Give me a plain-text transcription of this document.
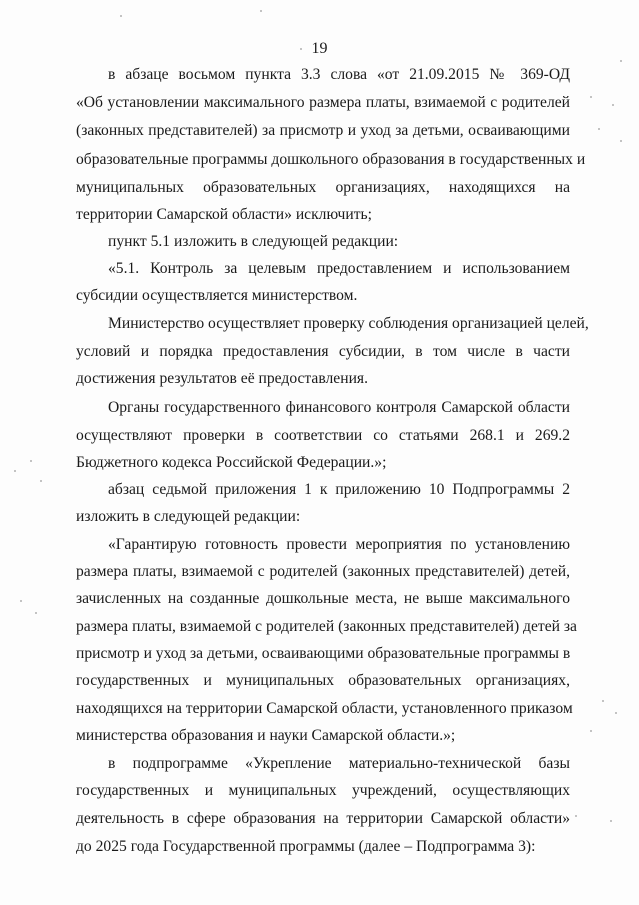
19
в абзаце восьмом пункта 3.3 слова «от 21.09.2015 № 369-ОД
«Об установлении максимального размера платы, взимаемой с родителей
(законных представителей) за присмотр и уход за детьми, осваивающими
образовательные программы дошкольного образования в государственных и
муниципальных образовательных организациях, находящихся на
территории Самарской области» исключить;
пункт 5.1 изложить в следующей редакции:
«5.1. Контроль за целевым предоставлением и использованием
субсидии осуществляется министерством.
Министерство осуществляет проверку соблюдения организацией целей,
условий и порядка предоставления субсидии, в том числе в части
достижения результатов её предоставления.
Органы государственного финансового контроля Самарской области
осуществляют проверки в соответствии со статьями 268.1 и 269.2
Бюджетного кодекса Российской Федерации.»;
абзац седьмой приложения 1 к приложению 10 Подпрограммы 2
изложить в следующей редакции:
«Гарантирую готовность провести мероприятия по установлению
размера платы, взимаемой с родителей (законных представителей) детей,
зачисленных на созданные дошкольные места, не выше максимального
размера платы, взимаемой с родителей (законных представителей) детей за
присмотр и уход за детьми, осваивающими образовательные программы в
государственных и муниципальных образовательных организациях,
находящихся на территории Самарской области, установленного приказом
министерства образования и науки Самарской области.»;
в подпрограмме «Укрепление материально-технической базы
государственных и муниципальных учреждений, осуществляющих
деятельность в сфере образования на территории Самарской области»
до 2025 года Государственной программы (далее – Подпрограмма 3):
